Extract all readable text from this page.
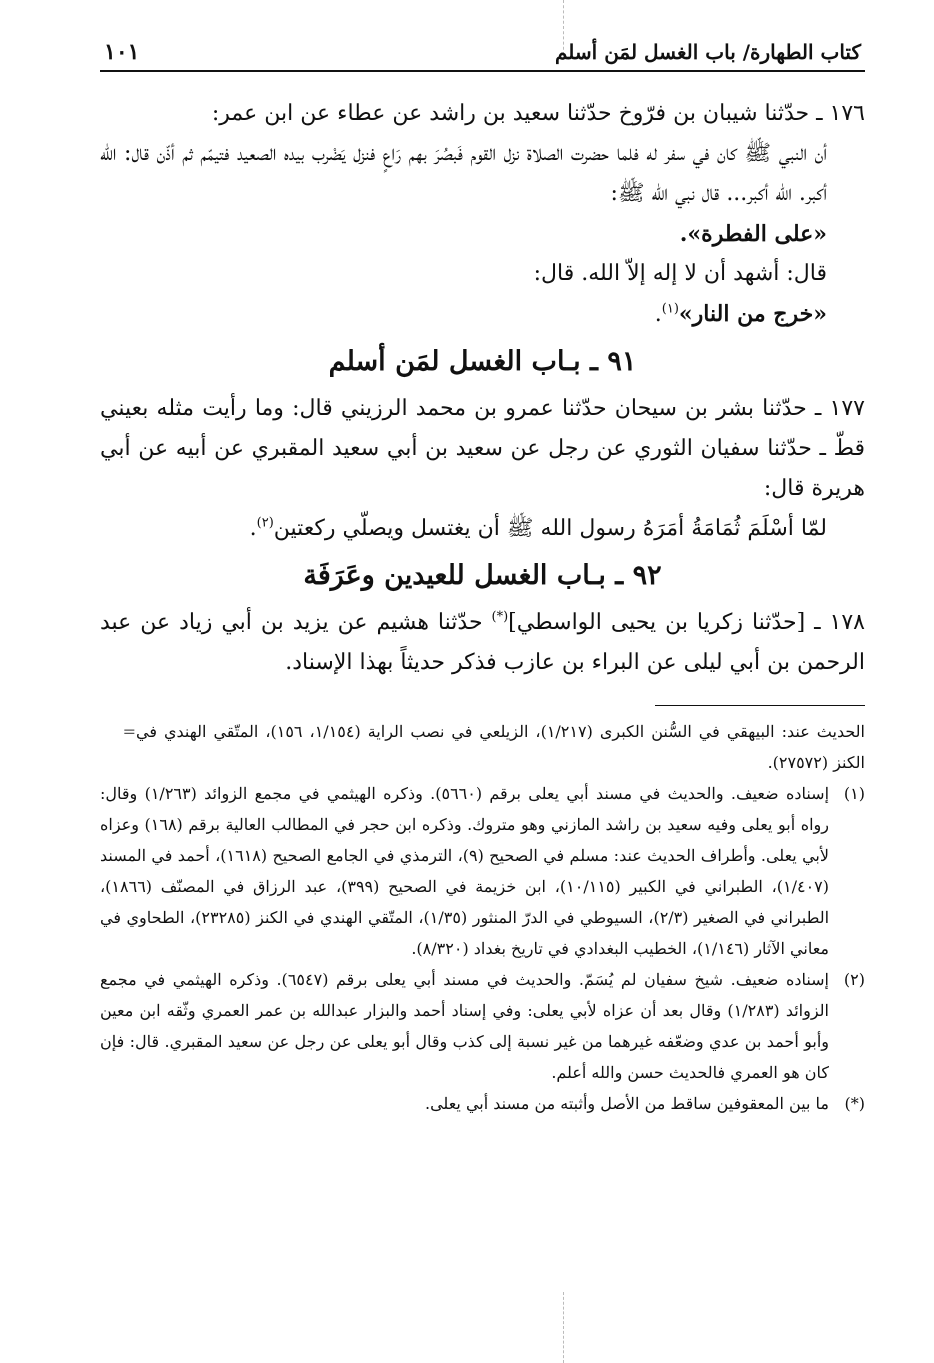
كتاب الطهارة/ باب الغسل لمَن أسلم
١٠١

١٧٦ ـ حدّثنا شيبان بن فرّوخ حدّثنا سعيد بن راشد عن عطاء عن ابن عمر:

أن النبي ﷺ كان في سفر له فلما حضرت الصلاة نزل القوم فَبصُرَ بهم رَاعٍ فنزل يَضْرب بيده الصعيد فتيمّم ثم أذّن قال: الله أكبر. الله أكبر... قال نبي الله ﷺ:

«على الفطرة».

قال: أشهد أن لا إله إلاّ الله. قال:

«خرج من النار»$^{(١)}$.

٩١ ـ بـاب الغسل لمَن أسلم

١٧٧ ـ حدّثنا بشر بن سيحان حدّثنا عمرو بن محمد الرزيني قال: وما رأيت مثله بعيني قطّ ـ حدّثنا سفيان الثوري عن رجل عن سعيد بن أبي سعيد المقبري عن أبيه عن أبي هريرة قال:

لمّا أسْلَمَ ثُمَامَةُ أمَرَهُ رسول الله ﷺ أن يغتسل ويصلّي ركعتين$^{(٢)}$.

٩٢ ـ بـاب الغسل للعيدين وعَرَفَة

١٧٨ ـ [حدّثنا زكريا بن يحيى الواسطي](*) حدّثنا هشيم عن يزيد بن أبي زياد عن عبد الرحمن بن أبي ليلى عن البراء بن عازب فذكر حديثاً بهذا الإسناد.

الحديث عند: البيهقي في السُّنن الكبرى (١/٢١٧)، الزيلعي في نصب الراية (١/١٥٤، ١٥٦)، المتّقي الهندي في الكنز (٢٧٥٧٢).
=
(١)
إسناده ضعيف. والحديث في مسند أبي يعلى برقم (٥٦٦٠). وذكره الهيثمي في مجمع الزوائد (١/٢٦٣) وقال: رواه أبو يعلى وفيه سعيد بن راشد المازني وهو متروك. وذكره ابن حجر في المطالب العالية برقم (١٦٨) وعزاه لأبي يعلى. وأطراف الحديث عند: مسلم في الصحيح (٩)، الترمذي في الجامع الصحيح (١٦١٨)، أحمد في المسند (١/٤٠٧)، الطبراني في الكبير (١٠/١١٥)، ابن خزيمة في الصحيح (٣٩٩)، عبد الرزاق في المصنّف (١٨٦٦)، الطبراني في الصغير (٢/٣)، السيوطي في الدرّ المنثور (١/٣٥)، المتّقي الهندي في الكنز (٢٣٢٨٥)، الطحاوي في معاني الآثار (١/١٤٦)، الخطيب البغدادي في تاريخ بغداد (٨/٣٢٠).
(٢)
إسناده ضعيف. شيخ سفيان لم يُسَمّ. والحديث في مسند أبي يعلى برقم (٦٥٤٧). وذكره الهيثمي في مجمع الزوائد (١/٢٨٣) وقال بعد أن عزاه لأبي يعلى: وفي إسناد أحمد والبزار عبدالله بن عمر العمري وثّقه ابن معين وأبو أحمد بن عدي وضعّفه غيرهما من غير نسبة إلى كذب وقال أبو يعلى عن رجل عن سعيد المقبري. قال: فإن كان هو العمري فالحديث حسن والله أعلم.
(*)
ما بين المعقوفين ساقط من الأصل وأثبته من مسند أبي يعلى.
